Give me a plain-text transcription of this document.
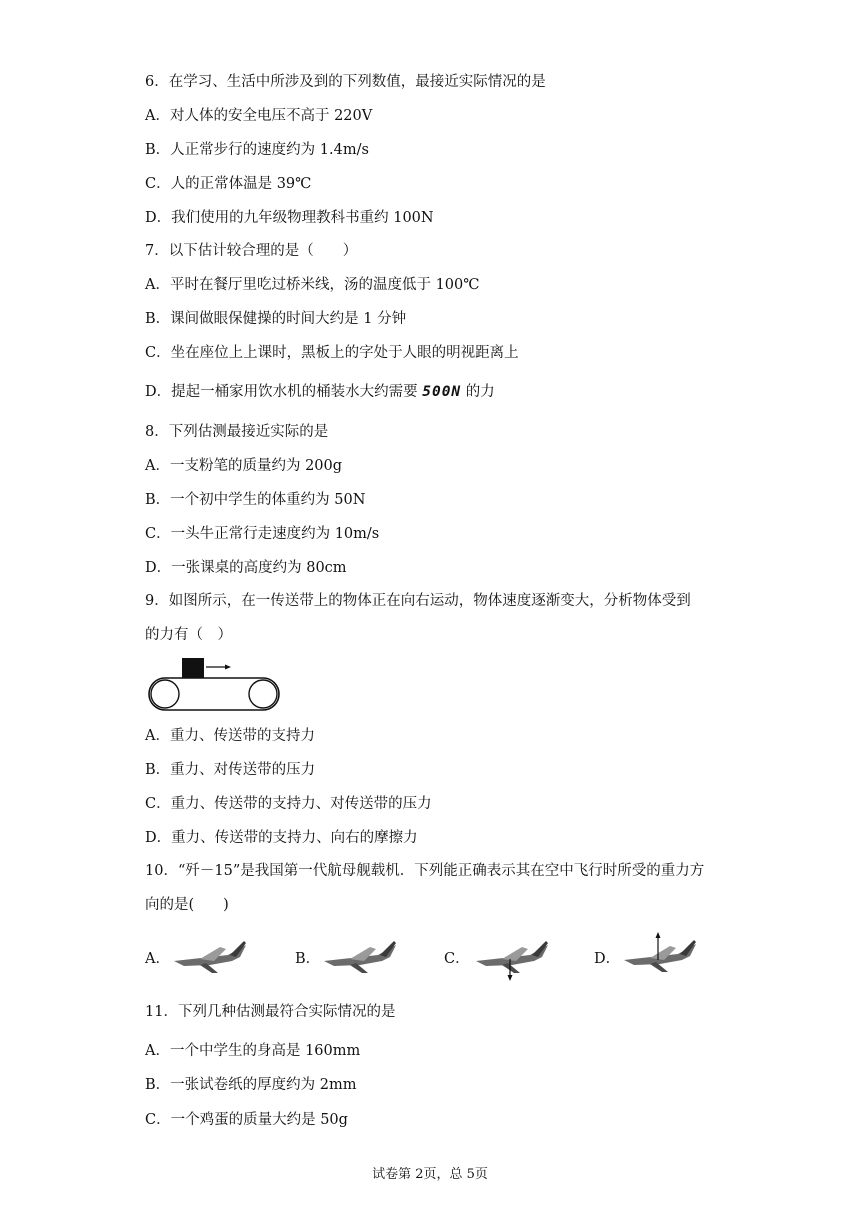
6．在学习、生活中所涉及到的下列数值，最接近实际情况的是
A．对人体的安全电压不高于 220V
B．人正常步行的速度约为 1.4m/s
C．人的正常体温是 39℃
D．我们使用的九年级物理教科书重约 100N
7．以下估计较合理的是（　　）
A．平时在餐厅里吃过桥米线，汤的温度低于 100℃
B．课间做眼保健操的时间大约是 1 分钟
C．坐在座位上上课时，黑板上的字处于人眼的明视距离上
D．提起一桶家用饮水机的桶装水大约需要 500N 的力
8．下列估测最接近实际的是
A．一支粉笔的质量约为 200g
B．一个初中学生的体重约为 50N
C．一头牛正常行走速度约为 10m/s
D．一张课桌的高度约为 80cm
9．如图所示，在一传送带上的物体正在向右运动，物体速度逐渐变大，分析物体受到
的力有（　）
A．重力、传送带的支持力
B．重力、对传送带的压力
C．重力、传送带的支持力、对传送带的压力
D．重力、传送带的支持力、向右的摩擦力
10．“歼－15”是我国第一代航母舰载机．下列能正确表示其在空中飞行时所受的重力方
向的是(　　)
A．	B．	C．	D．
11．下列几种估测最符合实际情况的是
A．一个中学生的身高是 160mm
B．一张试卷纸的厚度约为 2mm
C．一个鸡蛋的质量大约是 50g
试卷第 2页，总 5页
